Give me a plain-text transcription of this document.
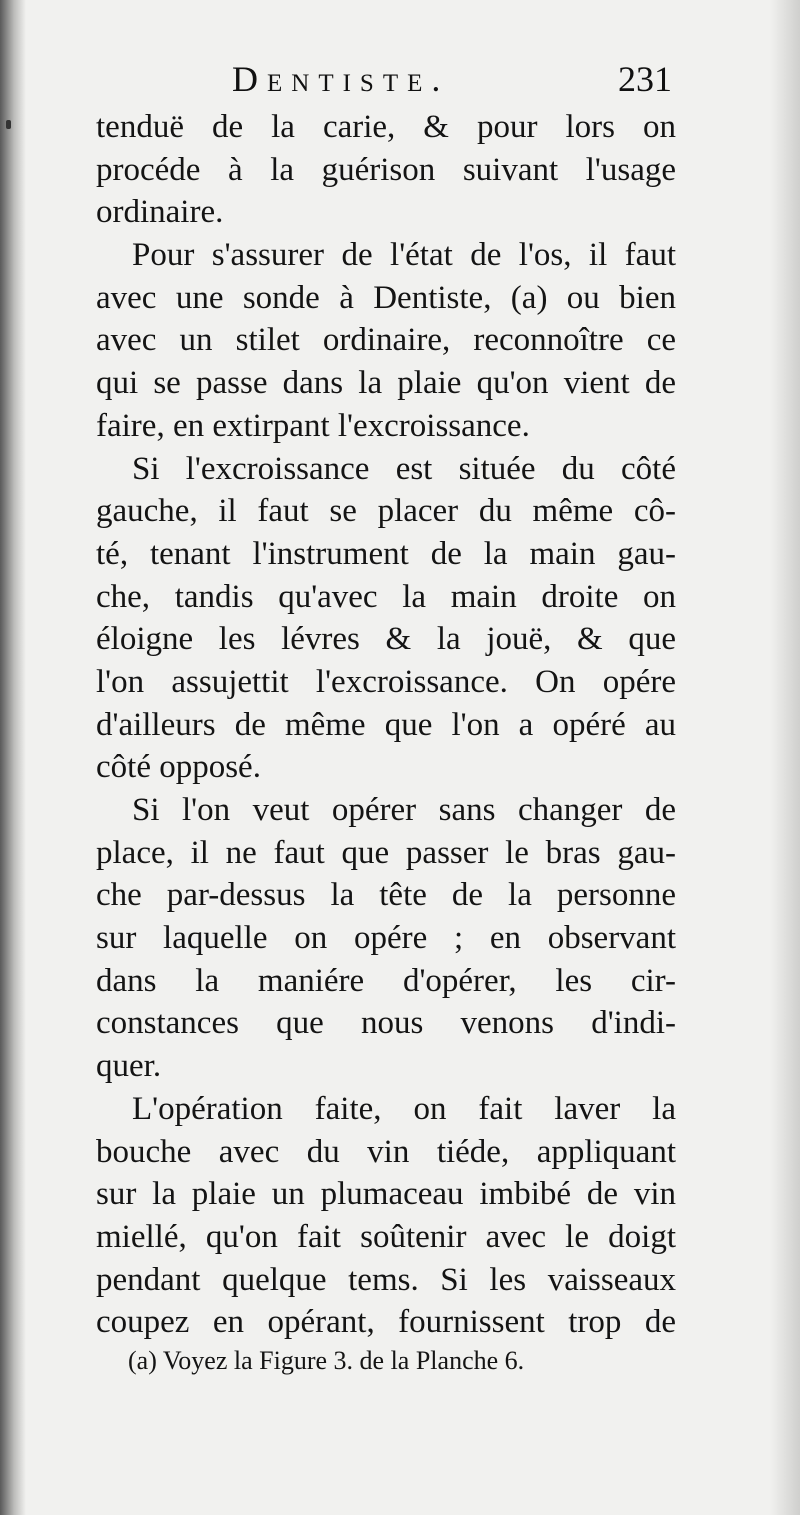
Dentiste.	231
tenduë de la carie, & pour lors on
procéde à la guérison suivant l'usage
ordinaire.
Pour s'assurer de l'état de l'os, il faut
avec une sonde à Dentiste, (a) ou bien
avec un stilet ordinaire, reconnoître ce
qui se passe dans la plaie qu'on vient de
faire, en extirpant l'excroissance.
Si l'excroissance est située du côté
gauche, il faut se placer du même cô-
té, tenant l'instrument de la main gau-
che, tandis qu'avec la main droite on
éloigne les lévres & la jouë, & que
l'on assujettit l'excroissance. On opére
d'ailleurs de même que l'on a opéré au
côté opposé.
Si l'on veut opérer sans changer de
place, il ne faut que passer le bras gau-
che par-dessus la tête de la personne
sur laquelle on opére ; en observant
dans la maniére d'opérer, les cir-
constances que nous venons d'indi-
quer.
L'opération faite, on fait laver la
bouche avec du vin tiéde, appliquant
sur la plaie un plumaceau imbibé de vin
miellé, qu'on fait soûtenir avec le doigt
pendant quelque tems. Si les vaisseaux
coupez en opérant, fournissent trop de
(a) Voyez la Figure 3. de la Planche 6.
